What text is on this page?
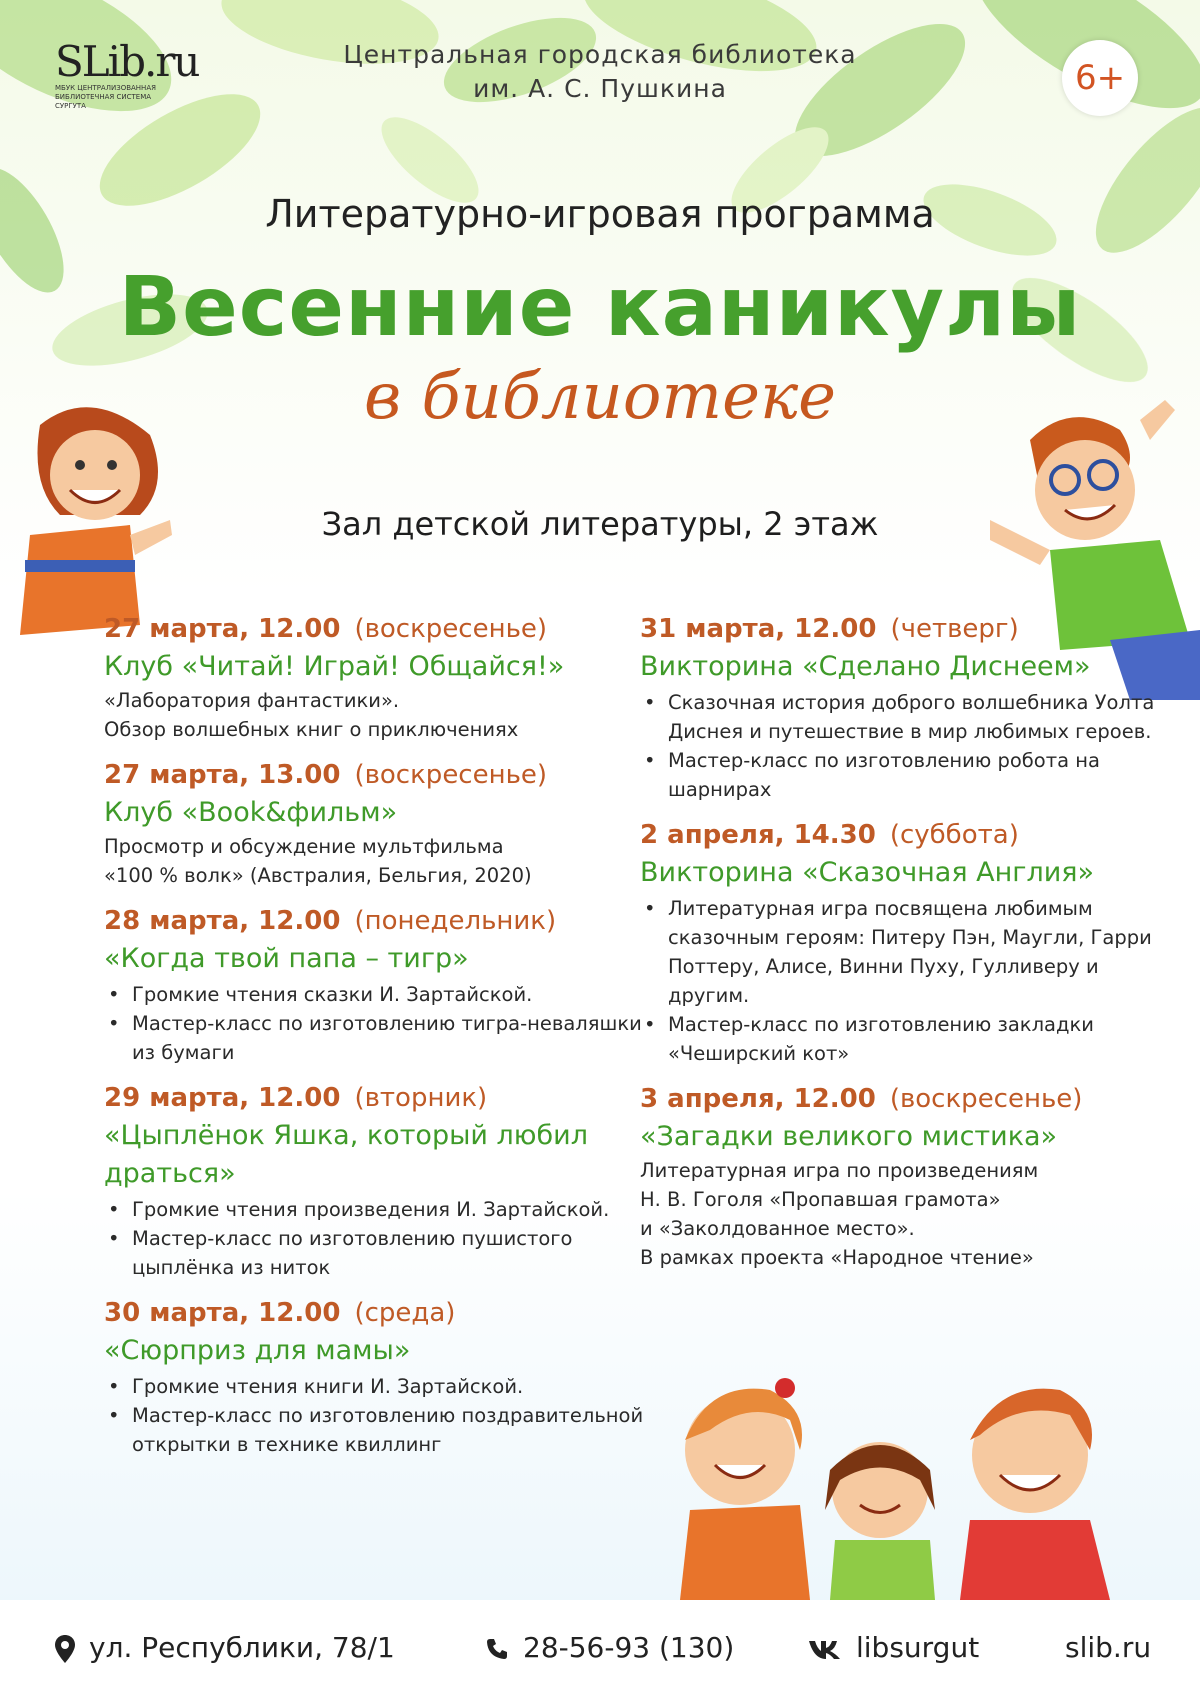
SLib.ru
МБУК ЦЕНТРАЛИЗОВАННАЯ БИБЛИОТЕЧНАЯ СИСТЕМА СУРГУТА
Центральная городская библиотека
им. А. С. Пушкина	6+
Литературно-игровая программа
Весенние каникулы
в библиотеке
Зал детской литературы, 2 этаж
27 марта, 12.00 (воскресенье)
Клуб «Читай! Играй! Общайся!»
«Лаборатория фантастики».
Обзор волшебных книг о приключениях
27 марта, 13.00 (воскресенье)
Клуб «Book&фильм»
Просмотр и обсуждение мультфильма
«100 % волк» (Австралия, Бельгия, 2020)
28 марта, 12.00 (понедельник)
«Когда твой папа – тигр»
• Громкие чтения сказки И. Зартайской.
• Мастер-класс по изготовлению тигра-неваляшки из бумаги
29 марта, 12.00 (вторник)
«Цыплёнок Яшка, который любил драться»
• Громкие чтения произведения И. Зартайской.
• Мастер-класс по изготовлению пушистого цыплёнка из ниток
30 марта, 12.00 (среда)
«Сюрприз для мамы»
• Громкие чтения книги И. Зартайской.
• Мастер-класс по изготовлению поздравительной открытки в технике квиллинг
31 марта, 12.00 (четверг)
Викторина «Сделано Диснеем»
• Сказочная история доброго волшебника Уолта Диснея и путешествие в мир любимых героев.
• Мастер-класс по изготовлению робота на шарнирах
2 апреля, 14.30 (суббота)
Викторина «Сказочная Англия»
• Литературная игра посвящена любимым сказочным героям: Питеру Пэн, Маугли, Гарри Поттеру, Алисе, Винни Пуху, Гулливеру и другим.
• Мастер-класс по изготовлению закладки «Чеширский кот»
3 апреля, 12.00 (воскресенье)
«Загадки великого мистика»
Литературная игра по произведениям
Н. В. Гоголя «Пропавшая грамота»
и «Заколдованное место».
В рамках проекта «Народное чтение»
ул. Республики, 78/1	28-56-93 (130)	libsurgut	slib.ru
